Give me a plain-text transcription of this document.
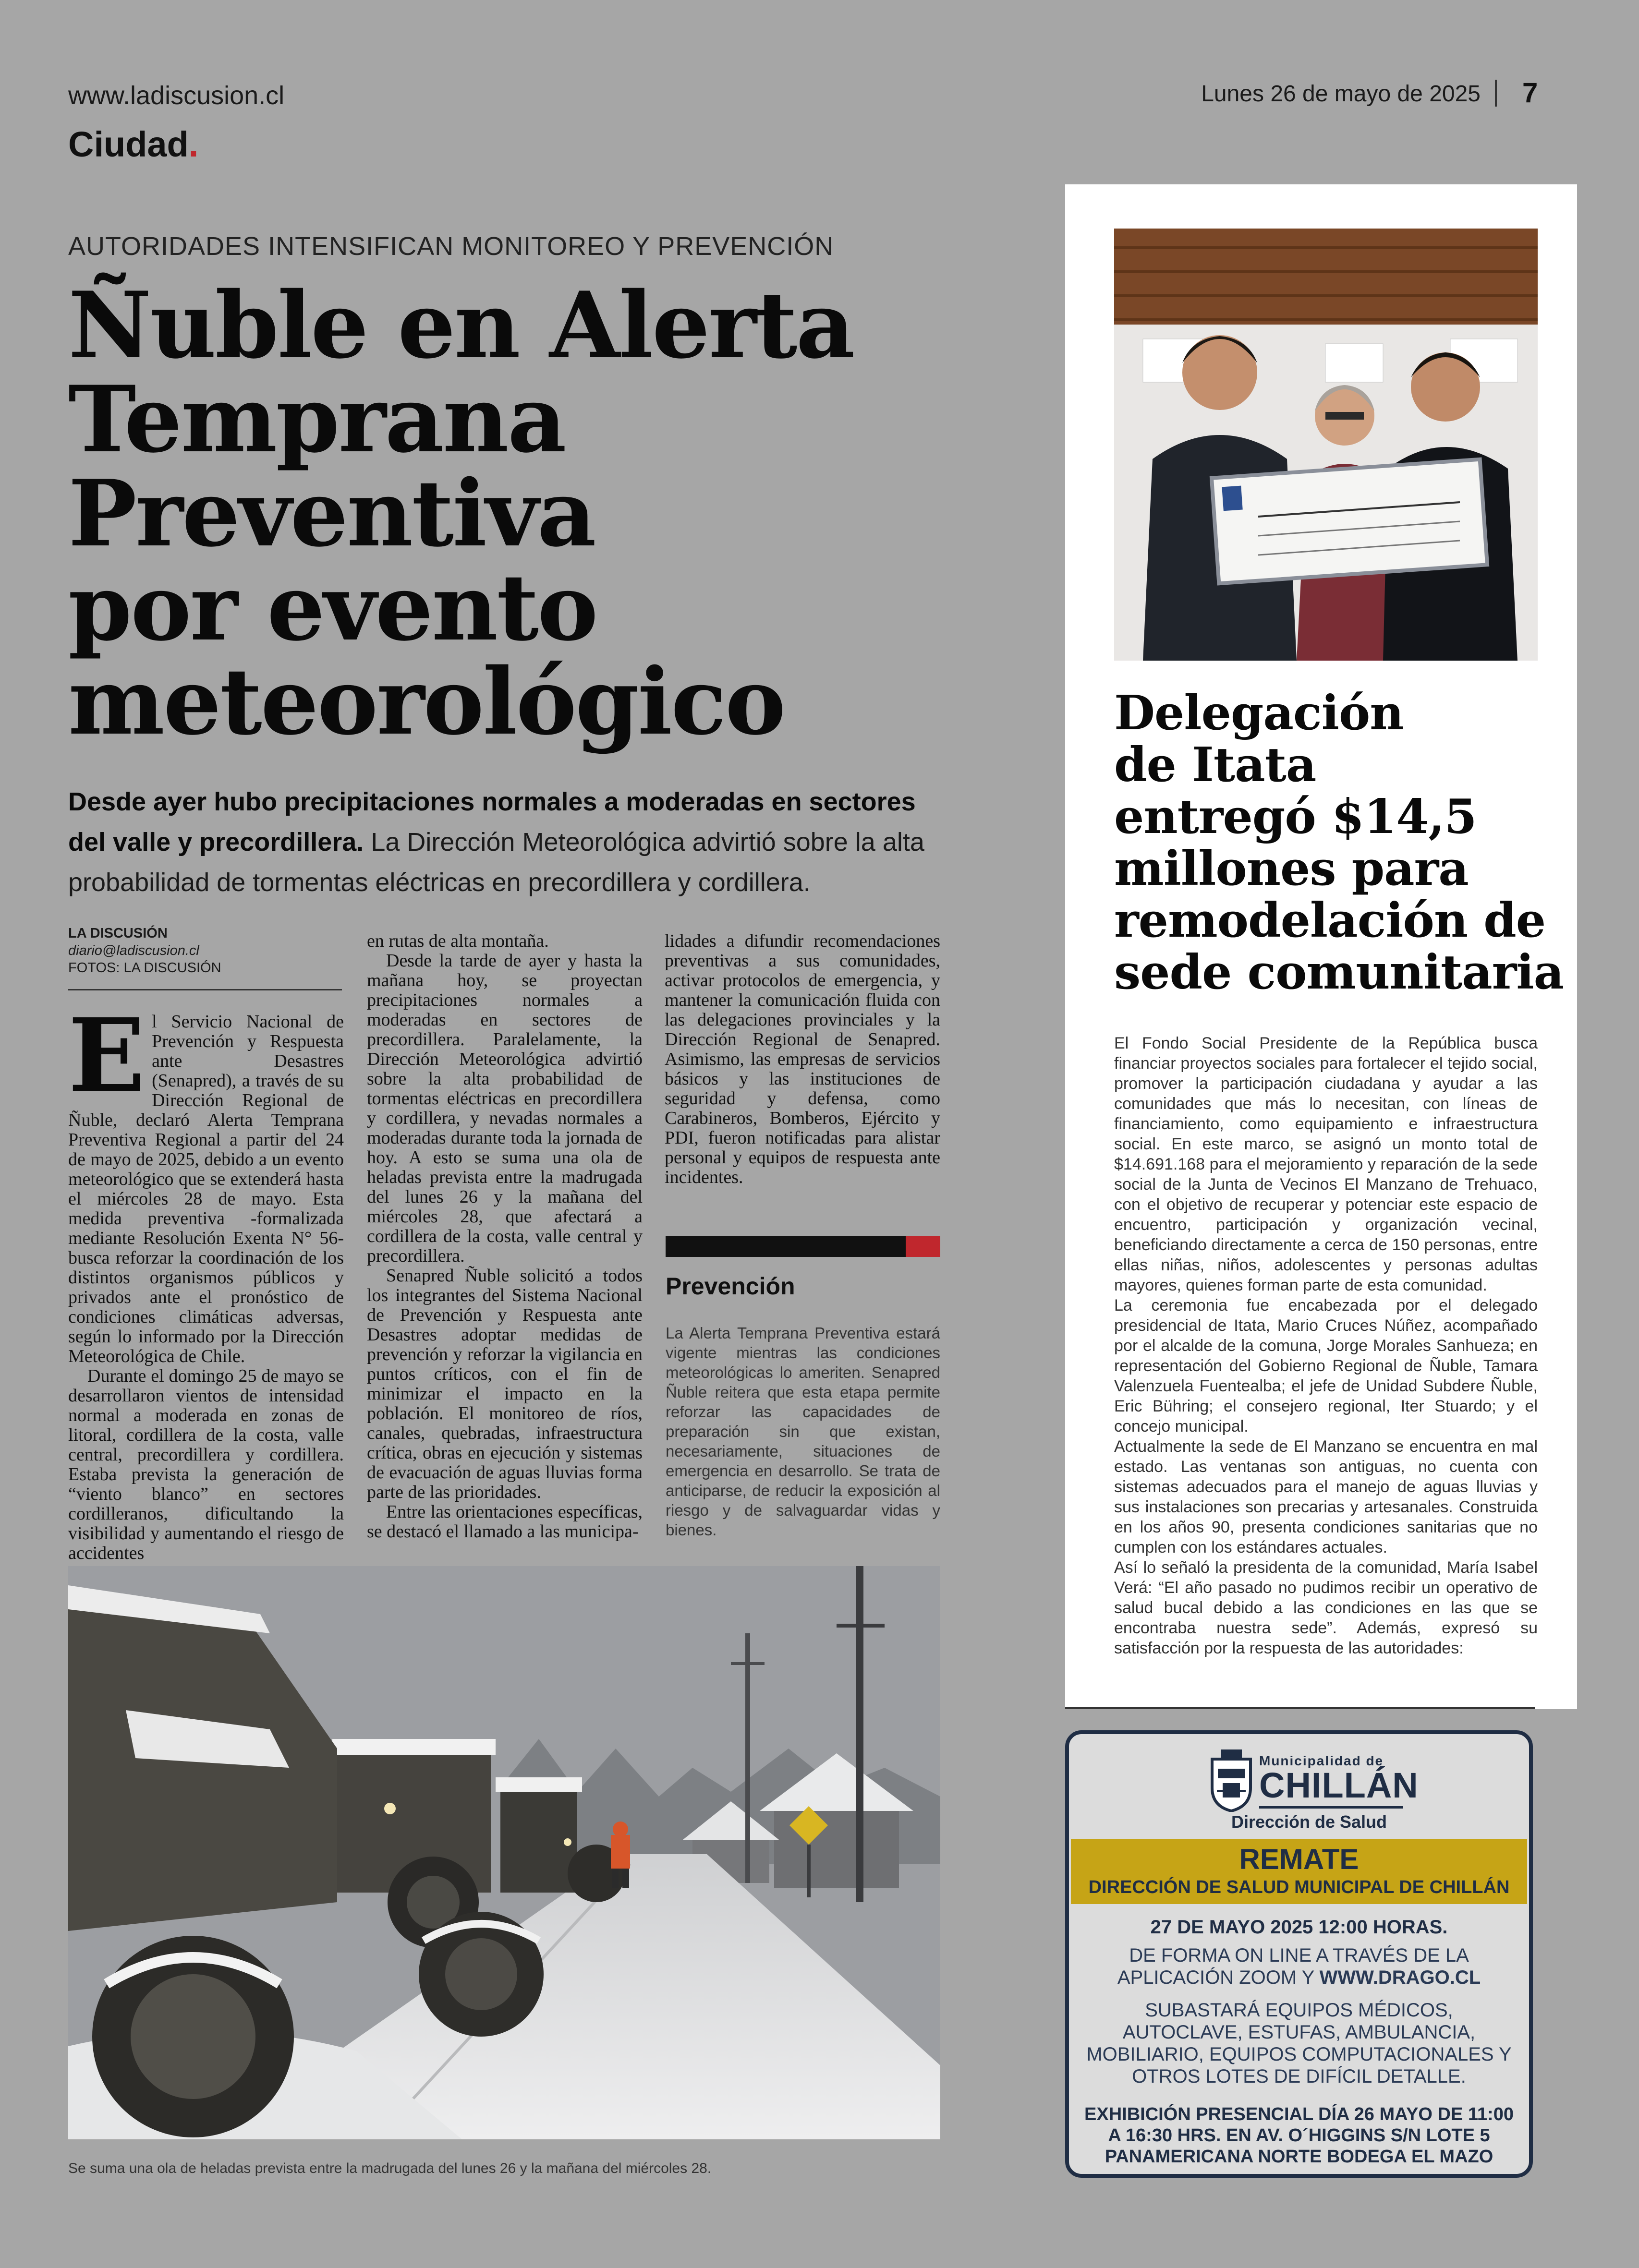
www.ladiscusion.cl
Ciudad.
Lunes 26 de mayo de 2025 7
AUTORIDADES INTENSIFICAN MONITOREO Y PREVENCIÓN
Ñuble en Alerta
Temprana
Preventiva
por evento
meteorológico
Desde ayer hubo precipitaciones normales a moderadas en sectores del valle y precordillera. La Dirección Meteorológica advirtió sobre la alta probabilidad de tormentas eléctricas en precordillera y cordillera.
LA DISCUSIÓN
diario@ladiscusion.cl
FOTOS: LA DISCUSIÓN

El Servicio Nacional de Prevención y Respuesta ante Desastres (Senapred), a través de su Dirección Regional de Ñuble, declaró Alerta Temprana Preventiva Regional a partir del 24 de mayo de 2025, debido a un evento meteorológico que se extenderá hasta el miércoles 28 de mayo. Esta medida preventiva -formalizada mediante Resolución Exenta N° 56- busca reforzar la coordinación de los distintos organismos públicos y privados ante el pronóstico de condiciones climáticas adversas, según lo informado por la Dirección Meteorológica de Chile.

Durante el domingo 25 de mayo se desarrollaron vientos de intensidad normal a moderada en zonas de litoral, cordillera de la costa, valle central, precordillera y cordillera. Estaba prevista la generación de “viento blanco” en sectores cordilleranos, dificultando la visibilidad y aumentando el riesgo de accidentes

en rutas de alta montaña.

Desde la tarde de ayer y hasta la mañana hoy, se proyectan precipitaciones normales a moderadas en sectores de precordillera. Paralelamente, la Dirección Meteorológica advirtió sobre la alta probabilidad de tormentas eléctricas en precordillera y cordillera, y nevadas normales a moderadas durante toda la jornada de hoy. A esto se suma una ola de heladas prevista entre la madrugada del lunes 26 y la mañana del miércoles 28, que afectará a cordillera de la costa, valle central y precordillera.

Senapred Ñuble solicitó a todos los integrantes del Sistema Nacional de Prevención y Respuesta ante Desastres adoptar medidas de prevención y reforzar la vigilancia en puntos críticos, con el fin de minimizar el impacto en la población. El monitoreo de ríos, canales, quebradas, infraestructura crítica, obras en ejecución y sistemas de evacuación de aguas lluvias forma parte de las prioridades.

Entre las orientaciones específicas, se destacó el llamado a las municipa-

lidades a difundir recomendaciones preventivas a sus comunidades, activar protocolos de emergencia, y mantener la comunicación fluida con las delegaciones provinciales y la Dirección Regional de Senapred. Asimismo, las empresas de servicios básicos y las instituciones de seguridad y defensa, como Carabineros, Bomberos, Ejército y PDI, fueron notificadas para alistar personal y equipos de respuesta ante incidentes.

Prevención
La Alerta Temprana Preventiva estará vigente mientras las condiciones meteorológicas lo ameriten. Senapred Ñuble reitera que esta etapa permite reforzar las capacidades de preparación sin que existan, necesariamente, situaciones de emergencia en desarrollo. Se trata de anticiparse, de reducir la exposición al riesgo y de salvaguardar vidas y bienes.
Se suma una ola de heladas prevista entre la madrugada del lunes 26 y la mañana del miércoles 28.
Delegación
de Itata
entregó $14,5
millones para
remodelación de
sede comunitaria

El Fondo Social Presidente de la República busca financiar proyectos sociales para fortalecer el tejido social, promover la participación ciudadana y ayudar a las comunidades que más lo necesitan, con líneas de financiamiento, como equipamiento e infraestructura social. En este marco, se asignó un monto total de $14.691.168 para el mejoramiento y reparación de la sede social de la Junta de Vecinos El Manzano de Trehuaco, con el objetivo de recuperar y potenciar este espacio de encuentro, participación y organización vecinal, beneficiando directamente a cerca de 150 personas, entre ellas niñas, niños, adolescentes y personas adultas mayores, quienes forman parte de esta comunidad.

La ceremonia fue encabezada por el delegado presidencial de Itata, Mario Cruces Núñez, acompañado por el alcalde de la comuna, Jorge Morales Sanhueza; en representación del Gobierno Regional de Ñuble, Tamara Valenzuela Fuentealba; el jefe de Unidad Subdere Ñuble, Eric Bühring; el consejero regional, Iter Stuardo; y el concejo municipal.

Actualmente la sede de El Manzano se encuentra en mal estado. Las ventanas son antiguas, no cuenta con sistemas adecuados para el manejo de aguas lluvias y sus instalaciones son precarias y artesanales. Construida en los años 90, presenta condiciones sanitarias que no cumplen con los estándares actuales.

Así lo señaló la presidenta de la comunidad, María Isabel Verá: “El año pasado no pudimos recibir un operativo de salud bucal debido a las condiciones en las que se encontraba nuestra sede”. Además, expresó su satisfacción por la respuesta de las autoridades:

Municipalidad de
CHILLÁN
Dirección de Salud
REMATE
DIRECCIÓN DE SALUD MUNICIPAL DE CHILLÁN
27 DE MAYO 2025 12:00 HORAS.
DE FORMA ON LINE A TRAVÉS DE LA APLICACIÓN ZOOM Y WWW.DRAGO.CL
SUBASTARÁ EQUIPOS MÉDICOS, AUTOCLAVE, ESTUFAS, AMBULANCIA, MOBILIARIO, EQUIPOS COMPUTACIONALES Y OTROS LOTES DE DIFÍCIL DETALLE.
EXHIBICIÓN PRESENCIAL DÍA 26 MAYO DE 11:00 A 16:30 HRS. EN AV. O´HIGGINS S/N LOTE 5 PANAMERICANA NORTE BODEGA EL MAZO
